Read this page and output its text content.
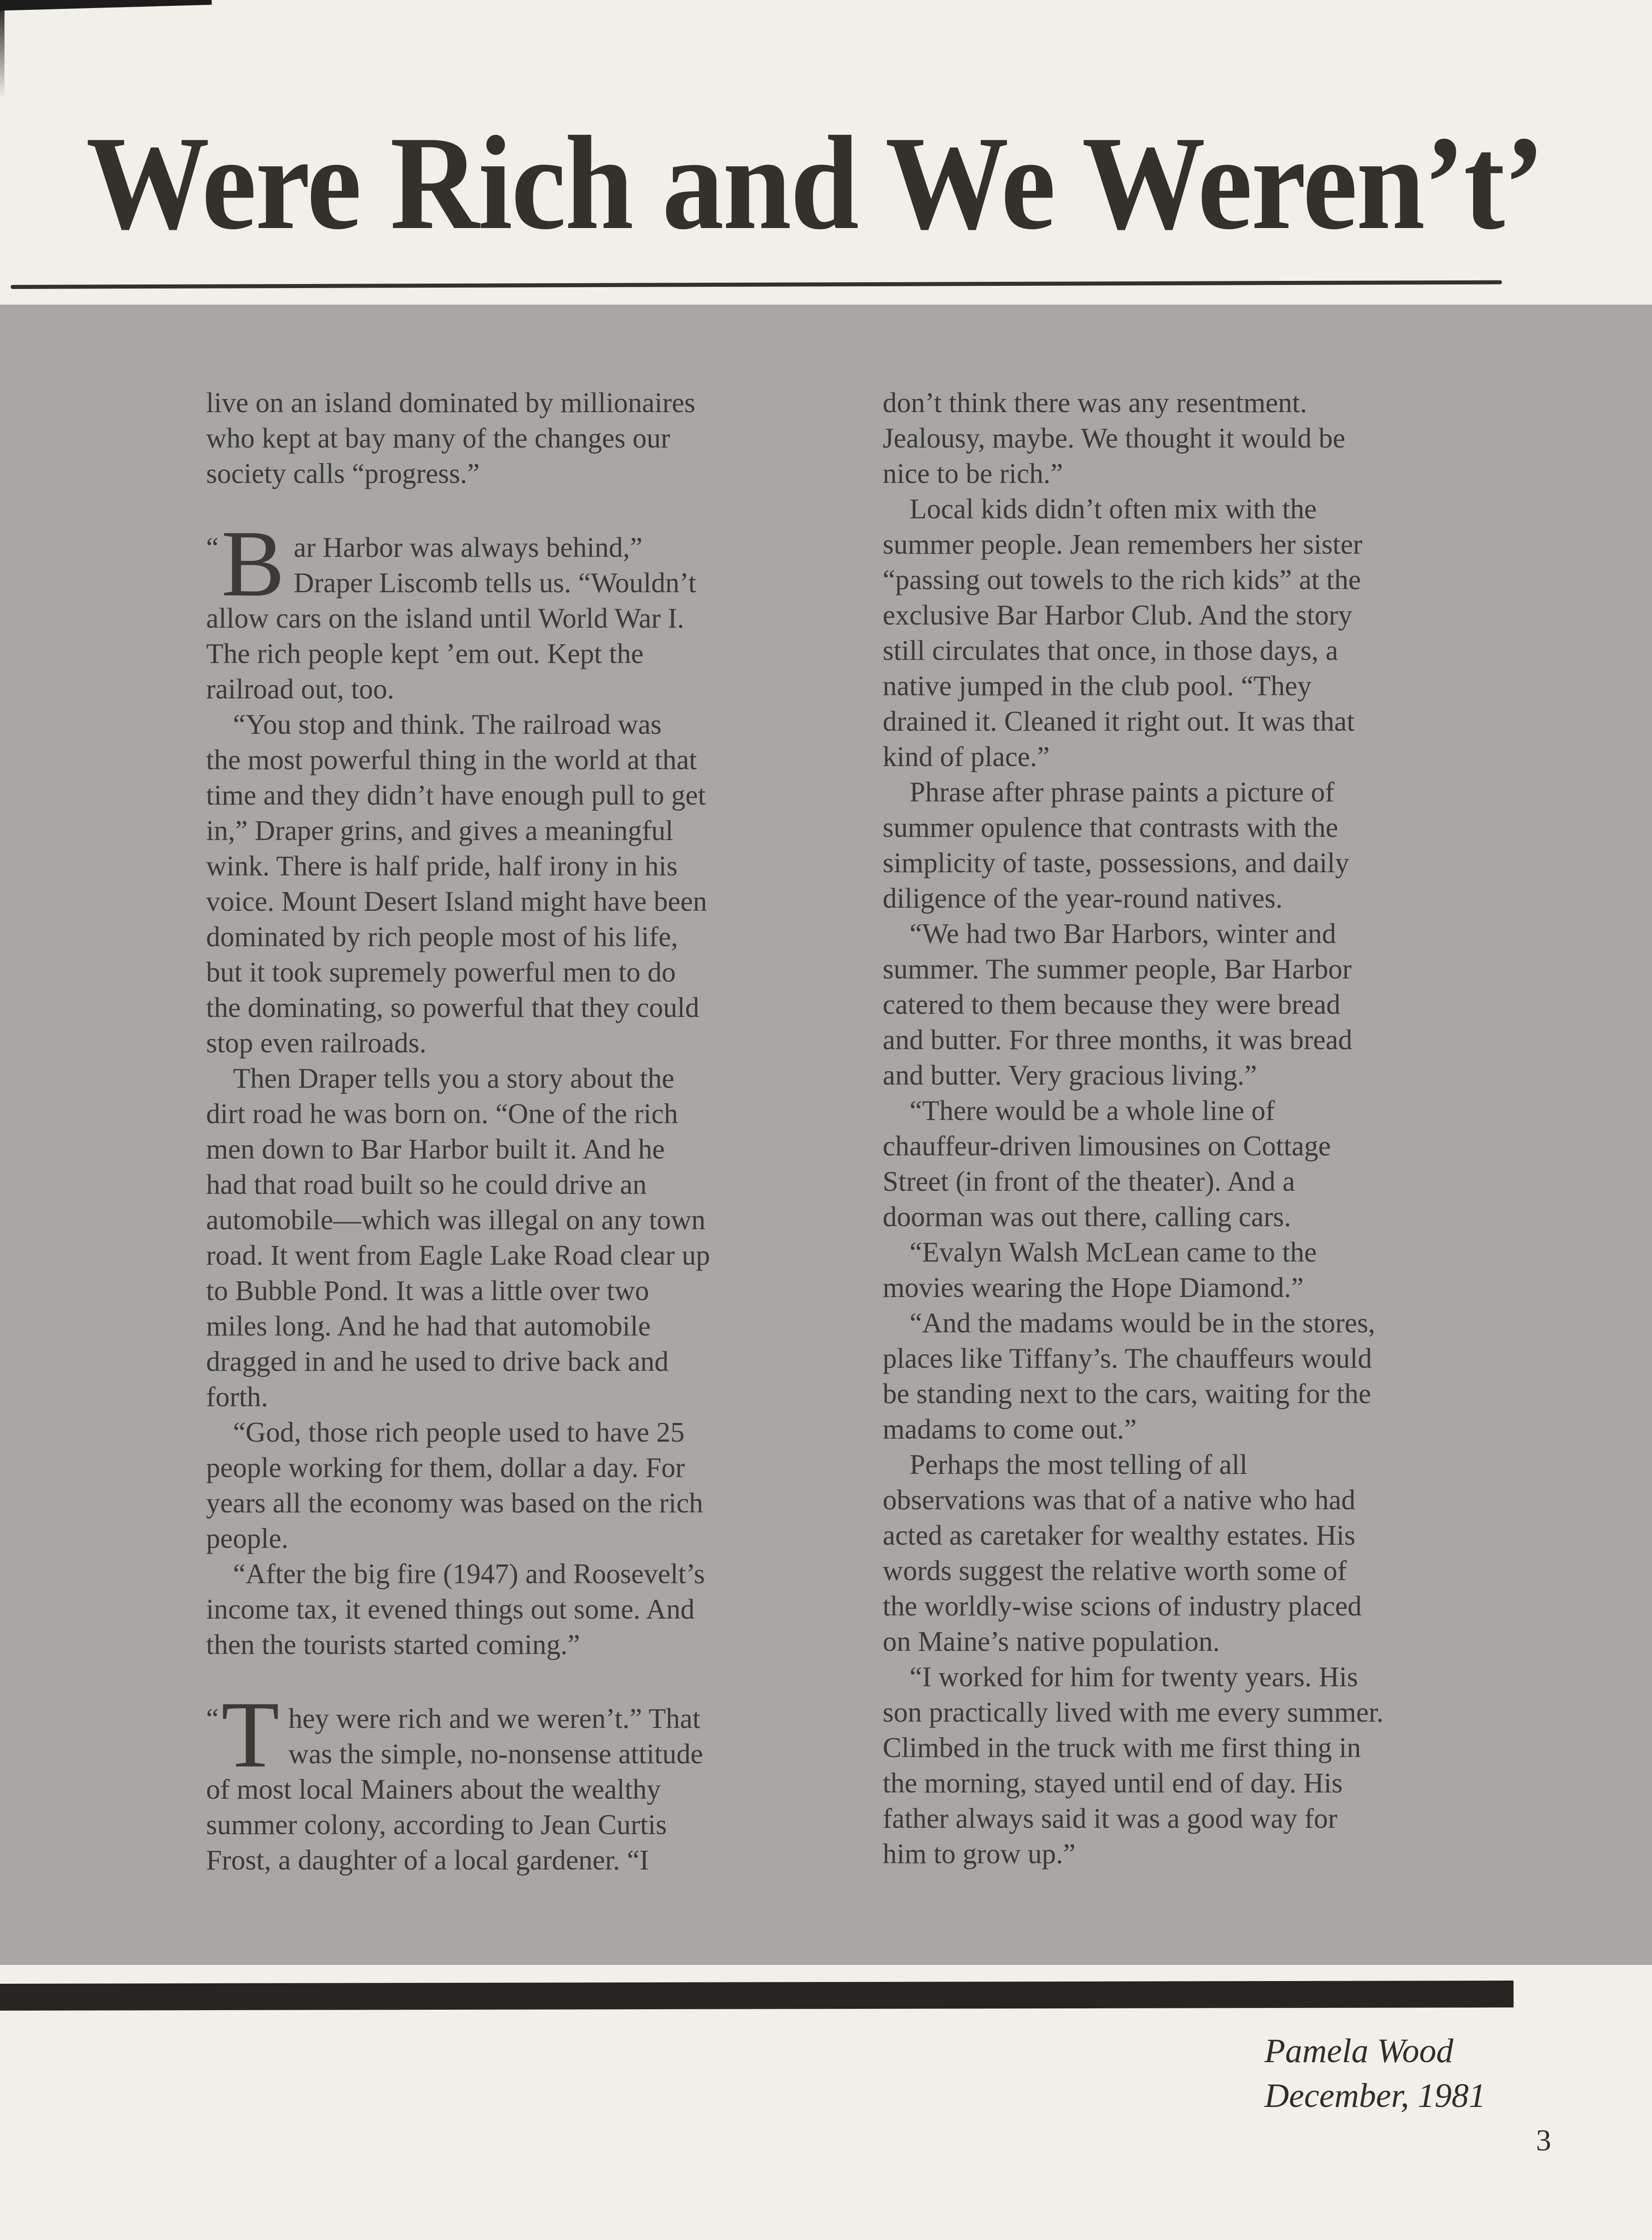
Were Rich and We Weren’t’

live on an island dominated by millionaires
who kept at bay many of the changes our
society calls “progress.”

“ B ar Harbor was always behind,”
Draper Liscomb tells us. “Wouldn’t
allow cars on the island until World War I.
The rich people kept ’em out. Kept the
railroad out, too.

“You stop and think. The railroad was
the most powerful thing in the world at that
time and they didn’t have enough pull to get
in,” Draper grins, and gives a meaningful
wink. There is half pride, half irony in his
voice. Mount Desert Island might have been
dominated by rich people most of his life,
but it took supremely powerful men to do
the dominating, so powerful that they could
stop even railroads.

Then Draper tells you a story about the
dirt road he was born on. “One of the rich
men down to Bar Harbor built it. And he
had that road built so he could drive an
automobile—which was illegal on any town
road. It went from Eagle Lake Road clear up
to Bubble Pond. It was a little over two
miles long. And he had that automobile
dragged in and he used to drive back and
forth.

“God, those rich people used to have 25
people working for them, dollar a day. For
years all the economy was based on the rich
people.

“After the big fire (1947) and Roosevelt’s
income tax, it evened things out some. And
then the tourists started coming.”

“ T hey were rich and we weren’t.” That
was the simple, no-nonsense attitude
of most local Mainers about the wealthy
summer colony, according to Jean Curtis
Frost, a daughter of a local gardener. “I

don’t think there was any resentment.
Jealousy, maybe. We thought it would be
nice to be rich.”

Local kids didn’t often mix with the
summer people. Jean remembers her sister
“passing out towels to the rich kids” at the
exclusive Bar Harbor Club. And the story
still circulates that once, in those days, a
native jumped in the club pool. “They
drained it. Cleaned it right out. It was that
kind of place.”

Phrase after phrase paints a picture of
summer opulence that contrasts with the
simplicity of taste, possessions, and daily
diligence of the year-round natives.

“We had two Bar Harbors, winter and
summer. The summer people, Bar Harbor
catered to them because they were bread
and butter. For three months, it was bread
and butter. Very gracious living.”

“There would be a whole line of
chauffeur-driven limousines on Cottage
Street (in front of the theater). And a
doorman was out there, calling cars.

“Evalyn Walsh McLean came to the
movies wearing the Hope Diamond.”

“And the madams would be in the stores,
places like Tiffany’s. The chauffeurs would
be standing next to the cars, waiting for the
madams to come out.”

Perhaps the most telling of all
observations was that of a native who had
acted as caretaker for wealthy estates. His
words suggest the relative worth some of
the worldly-wise scions of industry placed
on Maine’s native population.

“I worked for him for twenty years. His
son practically lived with me every summer.
Climbed in the truck with me first thing in
the morning, stayed until end of day. His
father always said it was a good way for
him to grow up.”

Pamela Wood
December, 1981
3
